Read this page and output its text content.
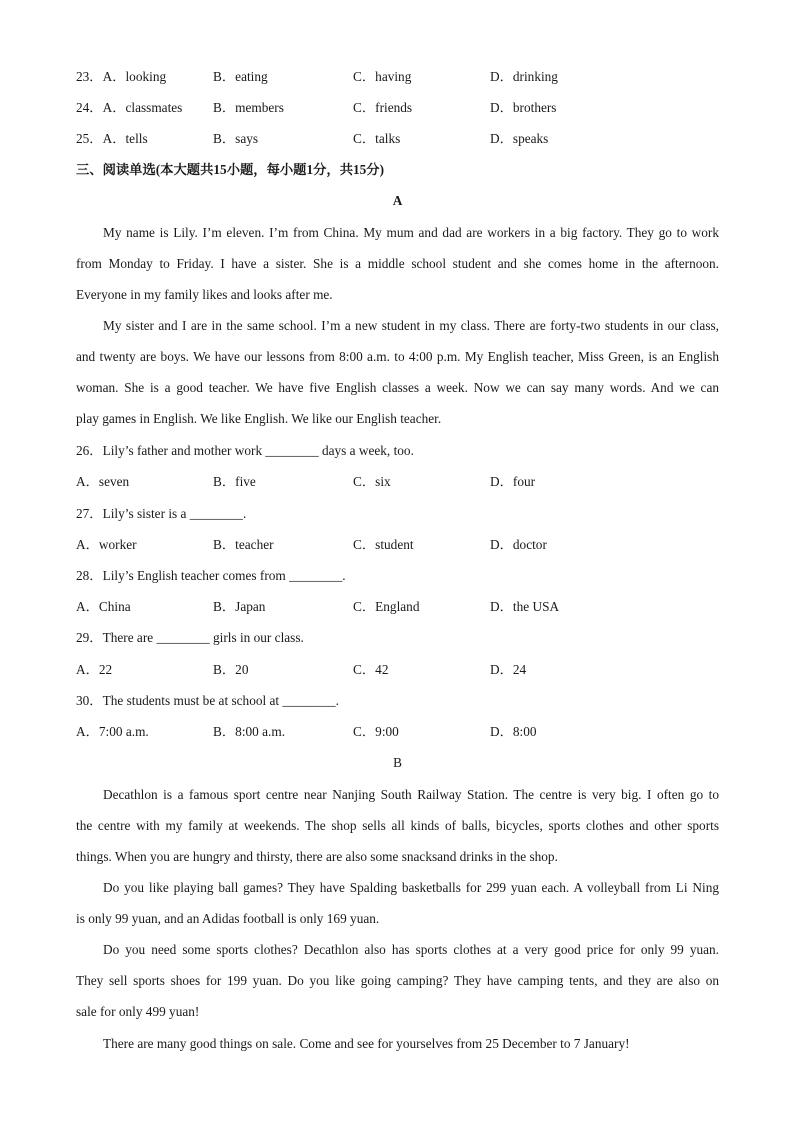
23．A．looking	B．eating	C．having	D．drinking
24．A．classmates B．members	C．friends	D．brothers
25．A．tells	B．says	C．talks	D．speaks
三、阅读单选(本大题共15小题，每小题1分，共15分)
A
My name is Lily. I’m eleven. I’m from China. My mum and dad are workers in a big factory. They go to work
from Monday to Friday. I have a sister. She is a middle school student and she comes home in the afternoon.
Everyone in my family likes and looks after me.
My sister and I are in the same school. I’m a new student in my class. There are forty-two students in our class,
and twenty are boys. We have our lessons from 8:00 a.m. to 4:00 p.m. My English teacher, Miss Green, is an English
woman. She is a good teacher. We have five English classes a week. Now we can say many words. And we can
play games in English. We like English. We like our English teacher.
26．Lily’s father and mother work ________ days a week, too.
A．seven	B．five	C．six	D．four
27．Lily’s sister is a ________.
A．worker	B．teacher	C．student	D．doctor
28．Lily’s English teacher comes from ________.
A．China	B．Japan	C．England	D．the USA
29．There are ________ girls in our class.
A．22	B．20	C．42	D．24
30．The students must be at school at ________.
A．7:00 a.m.	B．8:00 a.m.	C．9:00	D．8:00
B
Decathlon is a famous sport centre near Nanjing South Railway Station. The centre is very big. I often go to
the centre with my family at weekends. The shop sells all kinds of balls, bicycles, sports clothes and other sports
things. When you are hungry and thirsty, there are also some snacksand drinks in the shop.
Do you like playing ball games? They have Spalding basketballs for 299 yuan each. A volleyball from Li Ning
is only 99 yuan, and an Adidas football is only 169 yuan.
Do you need some sports clothes? Decathlon also has sports clothes at a very good price for only 99 yuan.
They sell sports shoes for 199 yuan. Do you like going camping? They have camping tents, and they are also on
sale for only 499 yuan!
There are many good things on sale. Come and see for yourselves from 25 December to 7 January!
